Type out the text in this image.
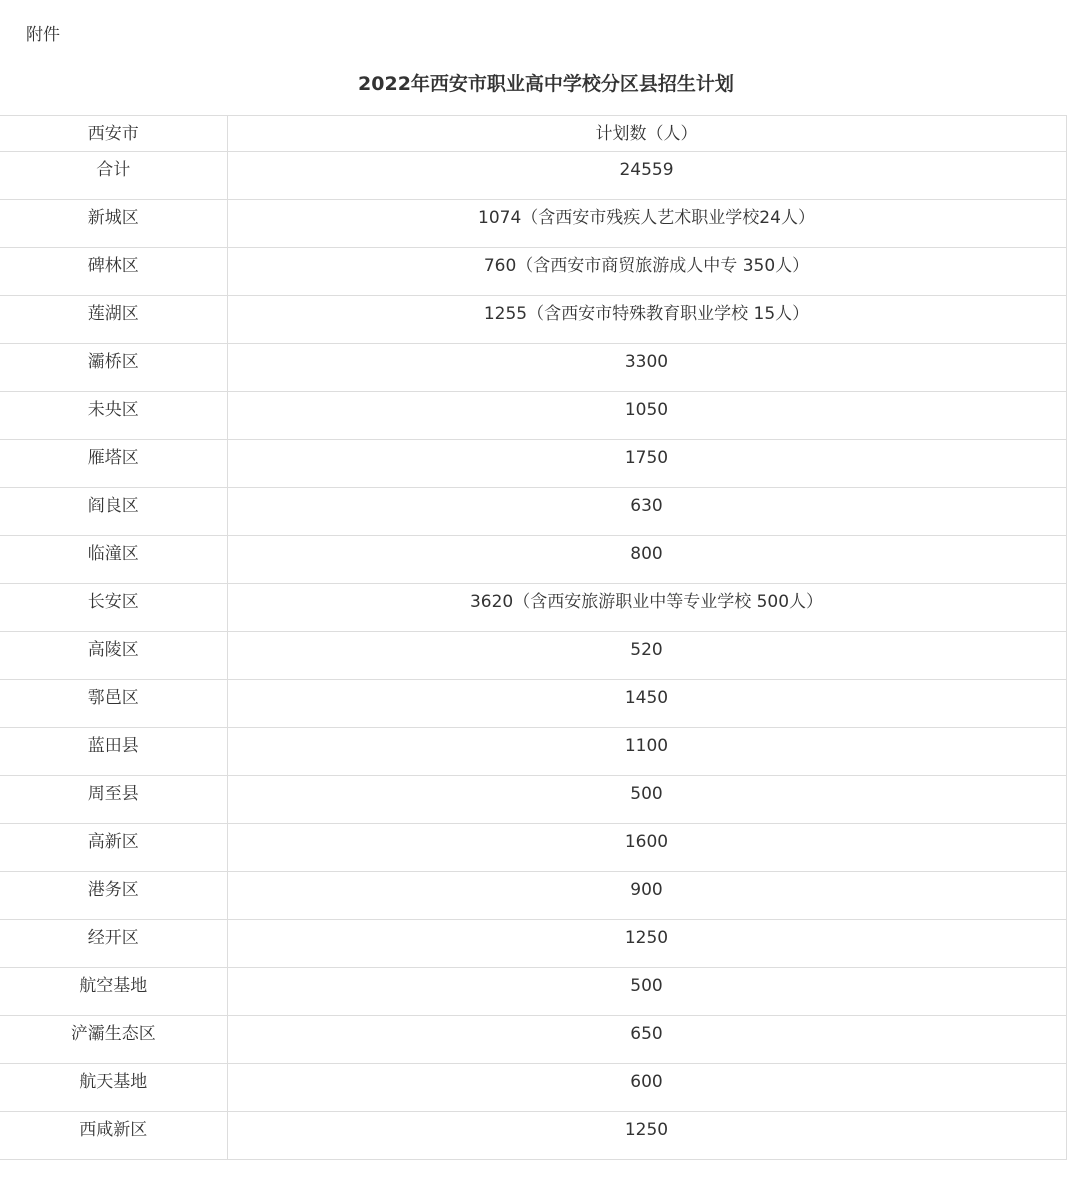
附件
2022年西安市职业高中学校分区县招生计划
西安市	计划数（人）
合计	24559
新城区	1074（含西安市残疾人艺术职业学校24人）
碑林区	760（含西安市商贸旅游成人中专 350人）
莲湖区	1255（含西安市特殊教育职业学校 15人）
灞桥区	3300
未央区	1050
雁塔区	1750
阎良区	630
临潼区	800
长安区	3620（含西安旅游职业中等专业学校 500人）
高陵区	520
鄠邑区	1450
蓝田县	1100
周至县	500
高新区	1600
港务区	900
经开区	1250
航空基地	500
浐灞生态区	650
航天基地	600
西咸新区	1250
